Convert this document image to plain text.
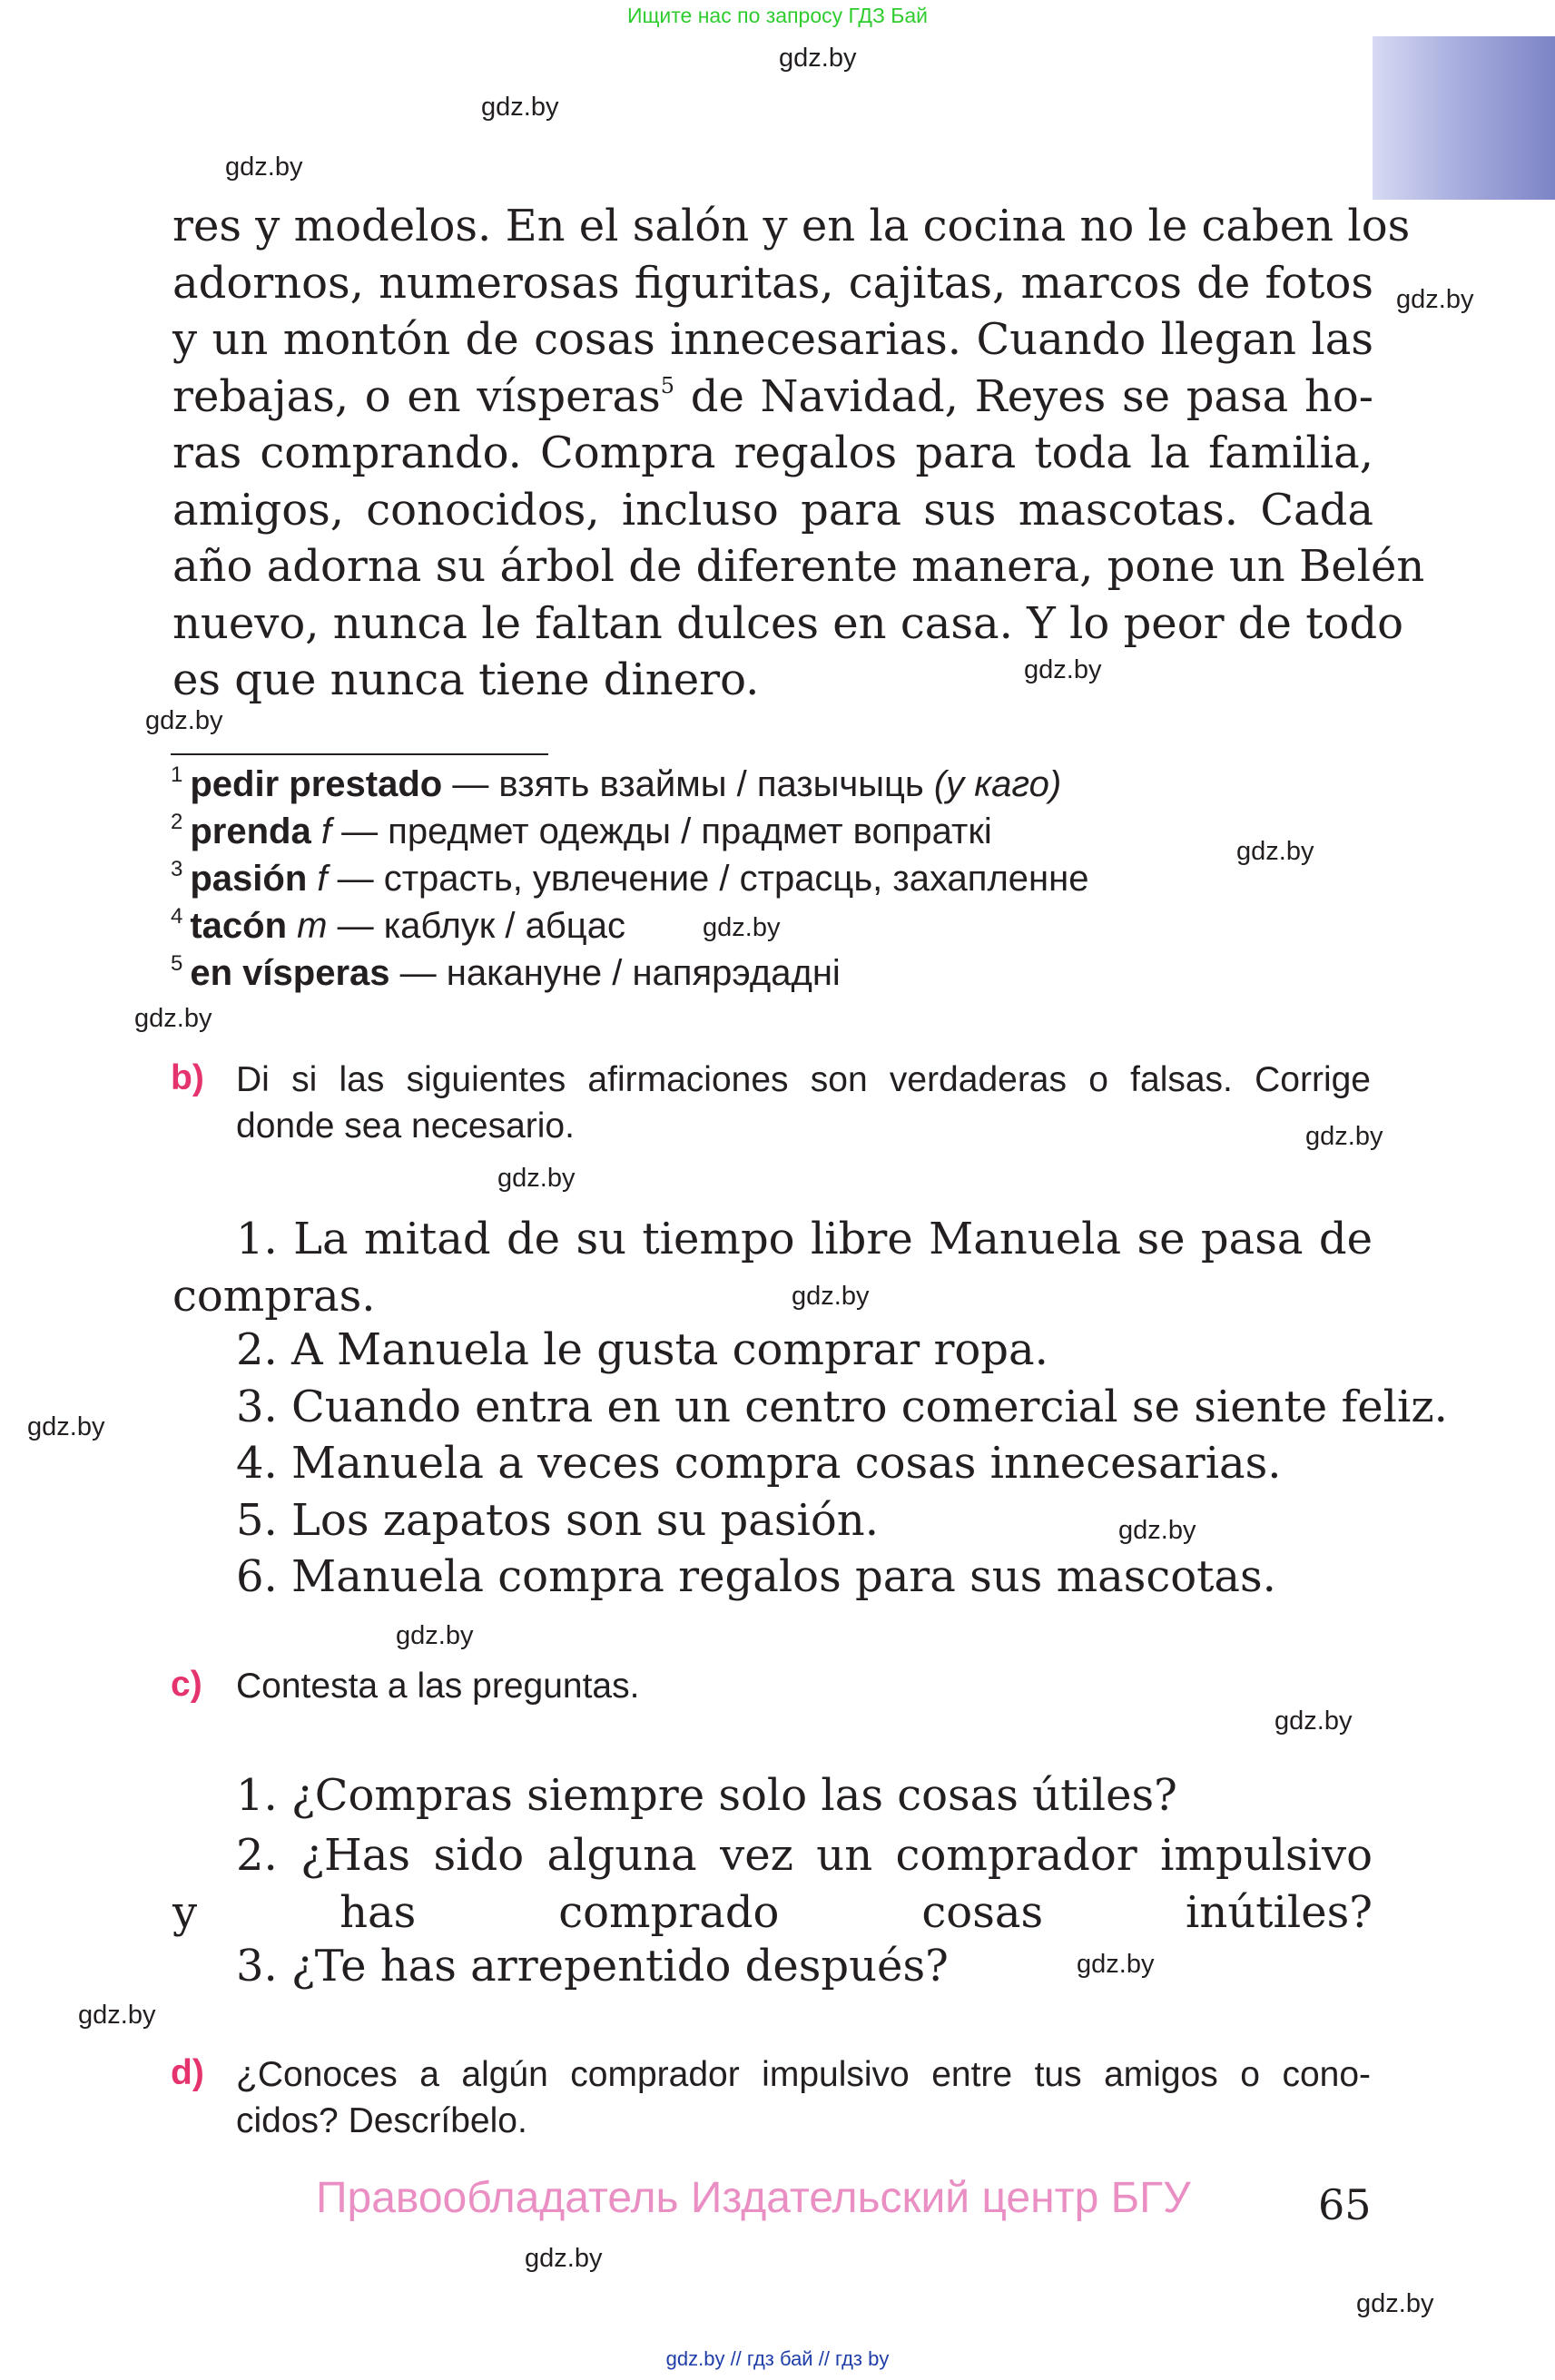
Ищите нас по запросу ГДЗ Бай
gdz.by
gdz.by
gdz.by
gdz.by
gdz.by
gdz.by
gdz.by
gdz.by
gdz.by
gdz.by
gdz.by
gdz.by
gdz.by
gdz.by
gdz.by
gdz.by
gdz.by
gdz.by
gdz.by
gdz.by
res y modelos. En el salón y en la cocina no le caben los
adornos, numerosas figuritas, cajitas, marcos de fotos
y un montón de cosas innecesarias. Cuando llegan las
rebajas, o en vísperas$^5$ de Navidad, Reyes se pasa ho-
ras comprando. Compra regalos para toda la familia,
amigos, conocidos, incluso para sus mascotas. Cada
año adorna su árbol de diferente manera, pone un Belén
nuevo, nunca le faltan dulces en casa. Y lo peor de todo
es que nunca tiene dinero.
$^1$ pedir prestado — взять взаймы / пазычыць (у каго)
$^2$ prenda f — предмет одежды / прадмет вопраткі
$^3$ pasión f — страсть, увлечение / страсць, захапленне
$^4$ tacón m — каблук / абцас
$^5$ en vísperas — накануне / напярэдадні
b) Di si las siguientes afirmaciones son verdaderas o falsas. Corrige
donde sea necesario.
1. La mitad de su tiempo libre Manuela se pasa de
compras.
2. A Manuela le gusta comprar ropa.
3. Cuando entra en un centro comercial se siente feliz.
4. Manuela a veces compra cosas innecesarias.
5. Los zapatos son su pasión.
6. Manuela compra regalos para sus mascotas.
c) Contesta a las preguntas.
1. ¿Compras siempre solo las cosas útiles?
2. ¿Has sido alguna vez un comprador impulsivo
y has comprado cosas inútiles?
3. ¿Te has arrepentido después?
d) ¿Conoces a algún comprador impulsivo entre tus amigos o cono-
cidos? Descríbelo.
Правообладатель Издательский центр БГУ	65
gdz.by // гдз бай // гдз by
